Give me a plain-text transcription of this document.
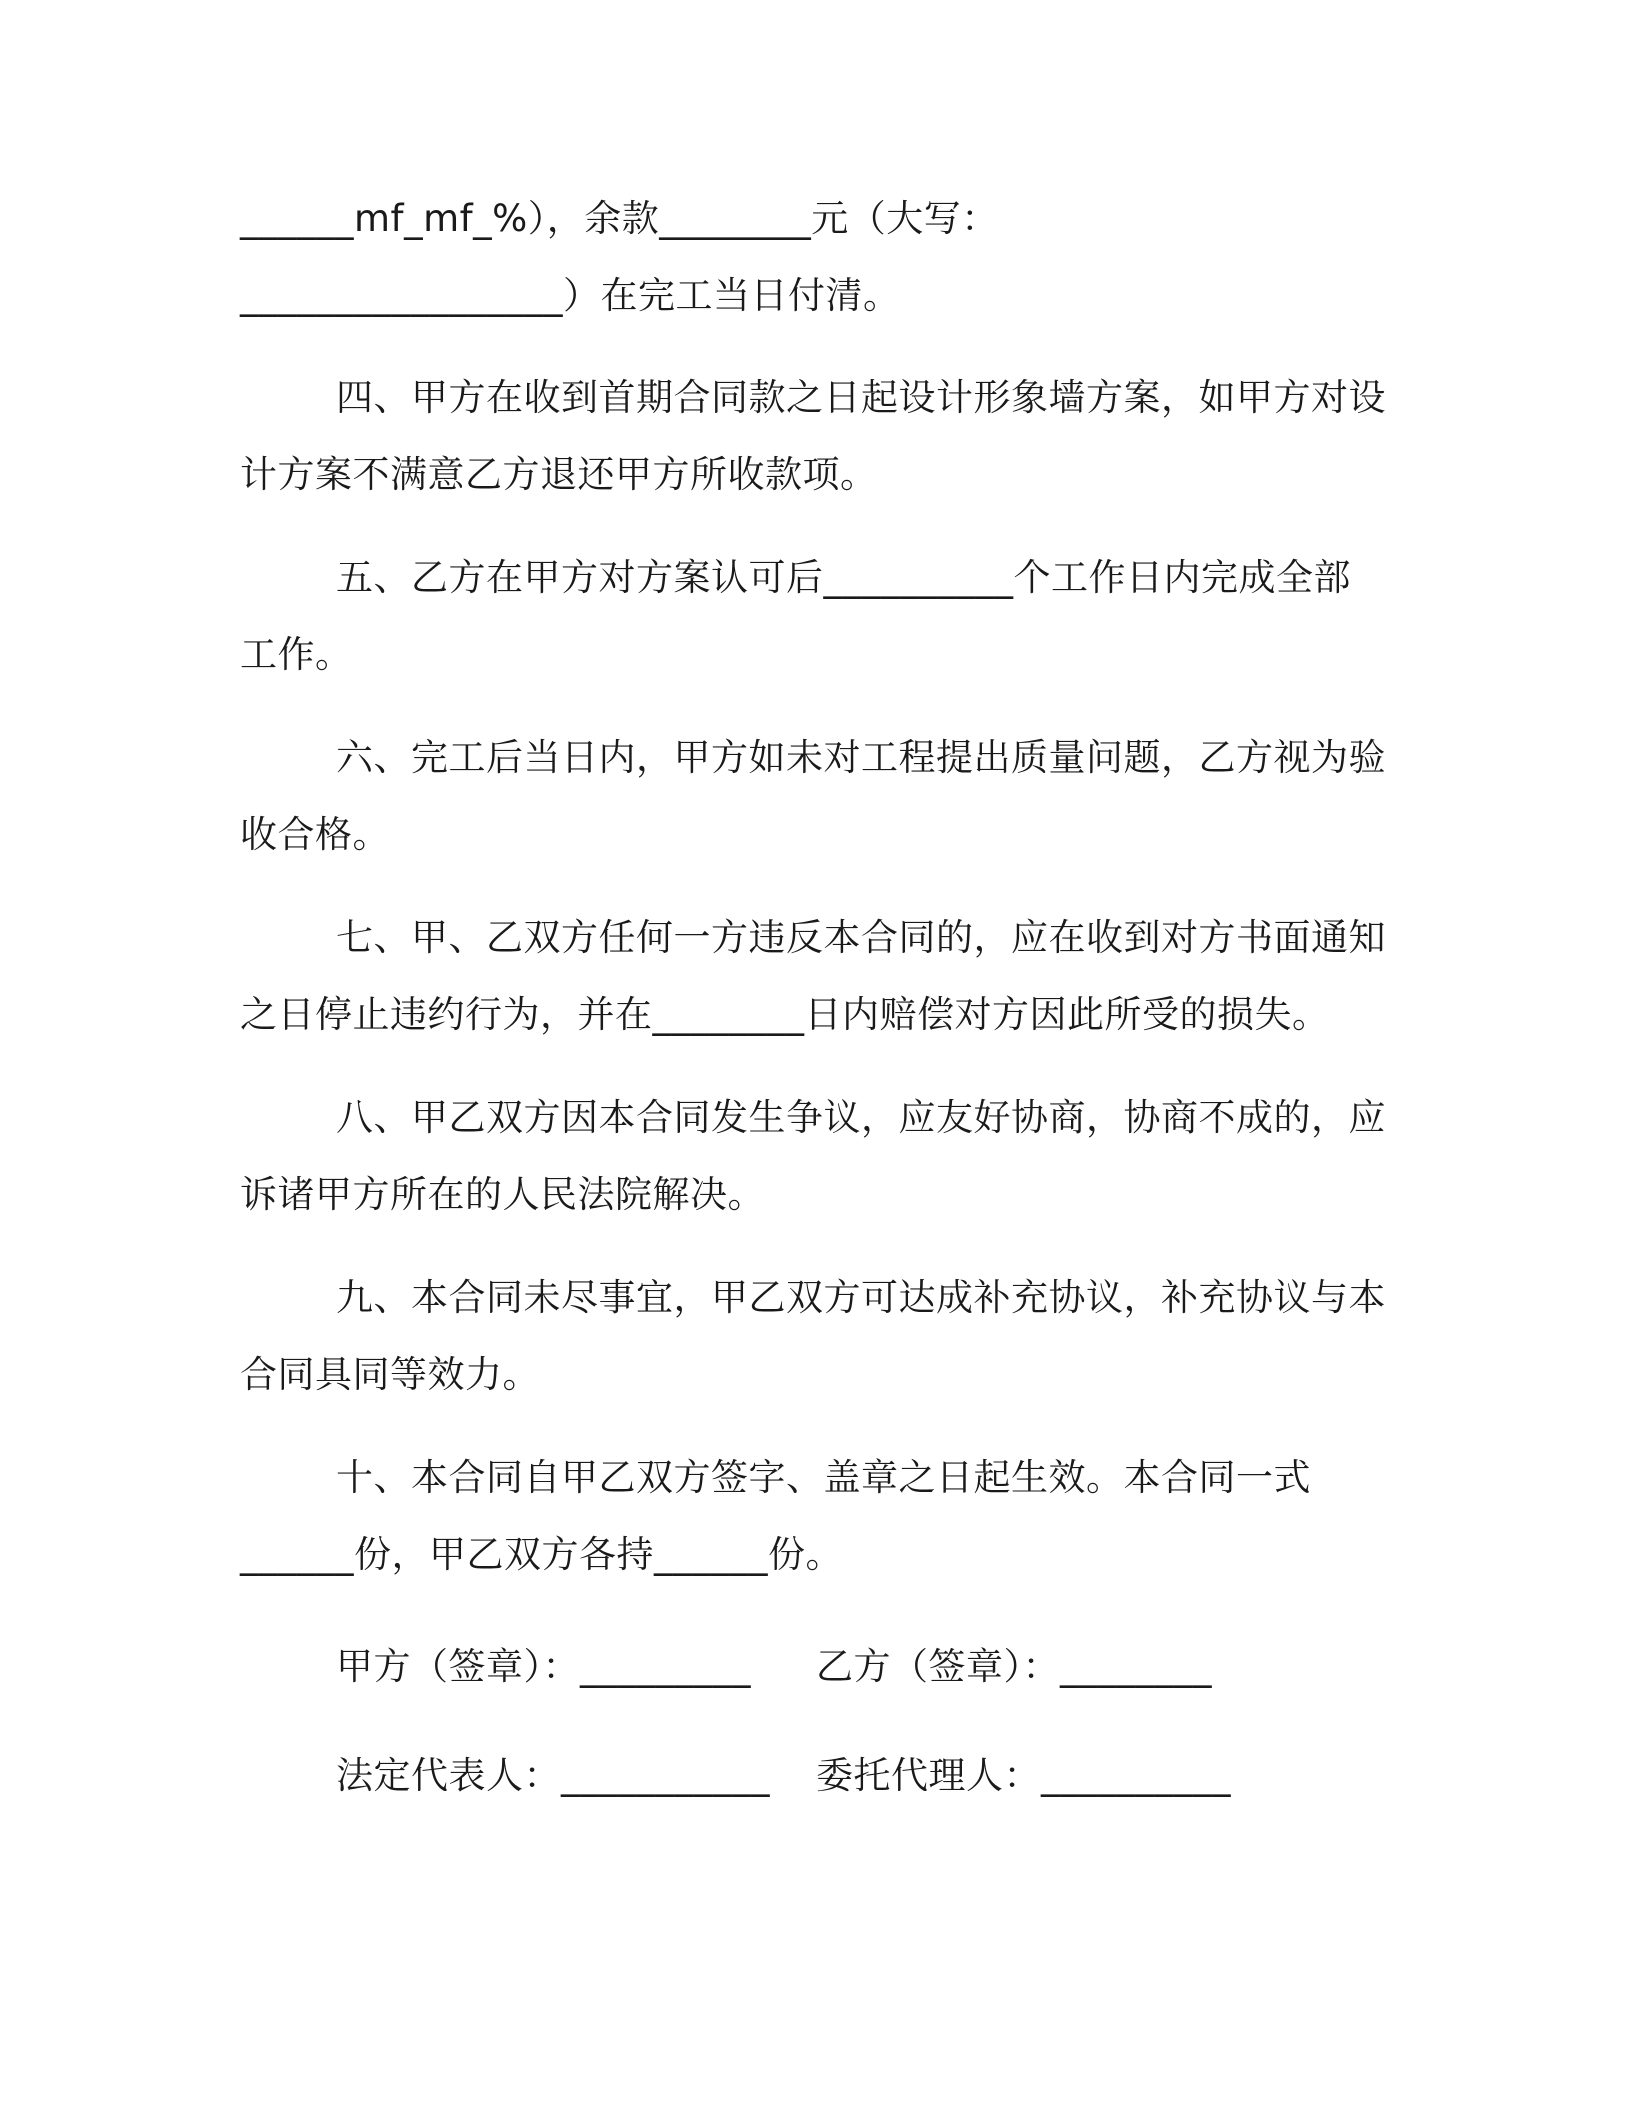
______mf_mf_%），余款________元（大写：
_________________）在完工当日付清。
四、甲方在收到首期合同款之日起设计形象墙方案，如甲方对设
计方案不满意乙方退还甲方所收款项。
五、乙方在甲方对方案认可后__________个工作日内完成全部
工作。
六、完工后当日内，甲方如未对工程提出质量问题，乙方视为验
收合格。
七、甲、乙双方任何一方违反本合同的，应在收到对方书面通知
之日停止违约行为，并在________日内赔偿对方因此所受的损失。
八、甲乙双方因本合同发生争议，应友好协商，协商不成的，应
诉诸甲方所在的人民法院解决。
九、本合同未尽事宜，甲乙双方可达成补充协议，补充协议与本
合同具同等效力。
十、本合同自甲乙双方签字、盖章之日起生效。本合同一式
______份，甲乙双方各持______份。
甲方（签章）：_________ 乙方（签章）：________
法定代表人：___________ 委托代理人：__________
